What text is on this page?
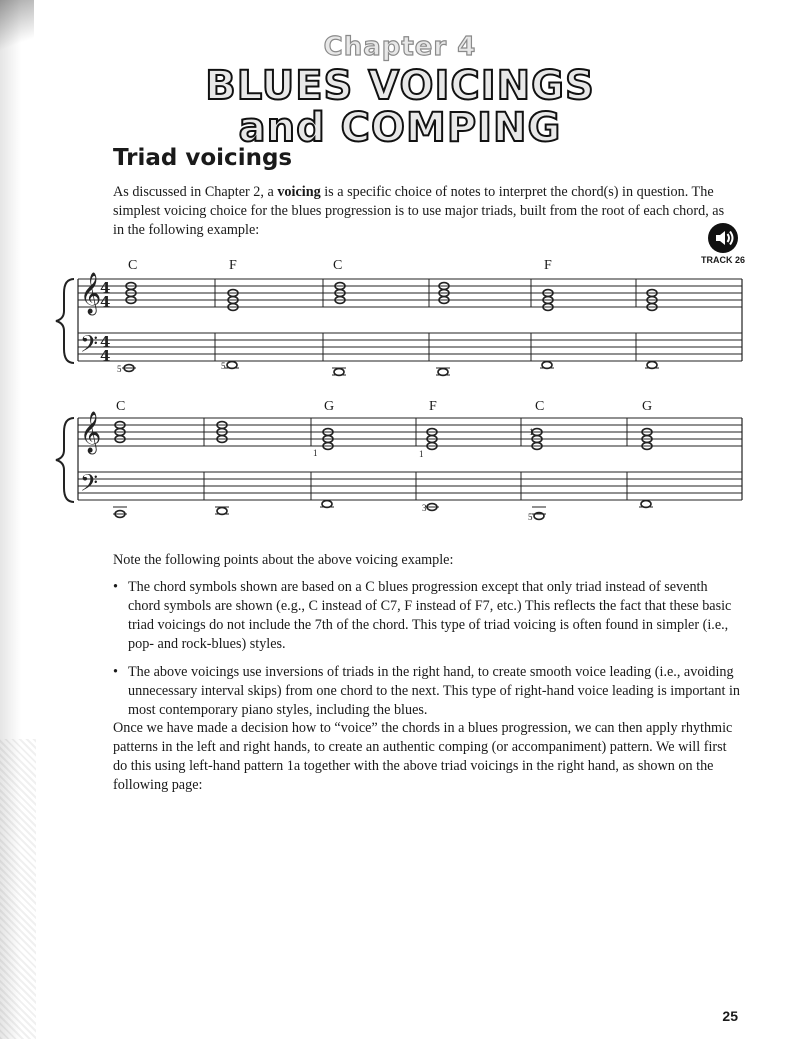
Chapter 4
BLUES VOICINGS
and COMPING
Triad voicings

As discussed in Chapter 2, a voicing is a specific choice of notes to interpret the chord(s) in question. The simplest voicing choice for the blues progression is to use major triads, built from the root of each chord, as in the following example:

TRACK 26
𝄞
𝄢
𝄞
𝄢
4
4
4
4
C	F	C	F
C	G	F	C	G
5	5
1	1
1
3
5

Note the following points about the above voicing example:

• The chord symbols shown are based on a C blues progression except that only triad instead of seventh chord symbols are shown (e.g., C instead of C7, F instead of F7, etc.) This reflects the fact that these basic triad voicings do not include the 7th of the chord. This type of triad voicing is often found in simpler (i.e., pop- and rock-blues) styles.
• The above voicings use inversions of triads in the right hand, to create smooth voice leading (i.e., avoiding unnecessary interval skips) from one chord to the next. This type of right-hand voice leading is important in most contemporary piano styles, including the blues.

Once we have made a decision how to “voice” the chords in a blues progression, we can then apply rhythmic patterns in the left and right hands, to create an authentic comping (or accompaniment) pattern. We will first do this using left-hand pattern 1a together with the above triad voicings in the right hand, as shown on the following page:

25
